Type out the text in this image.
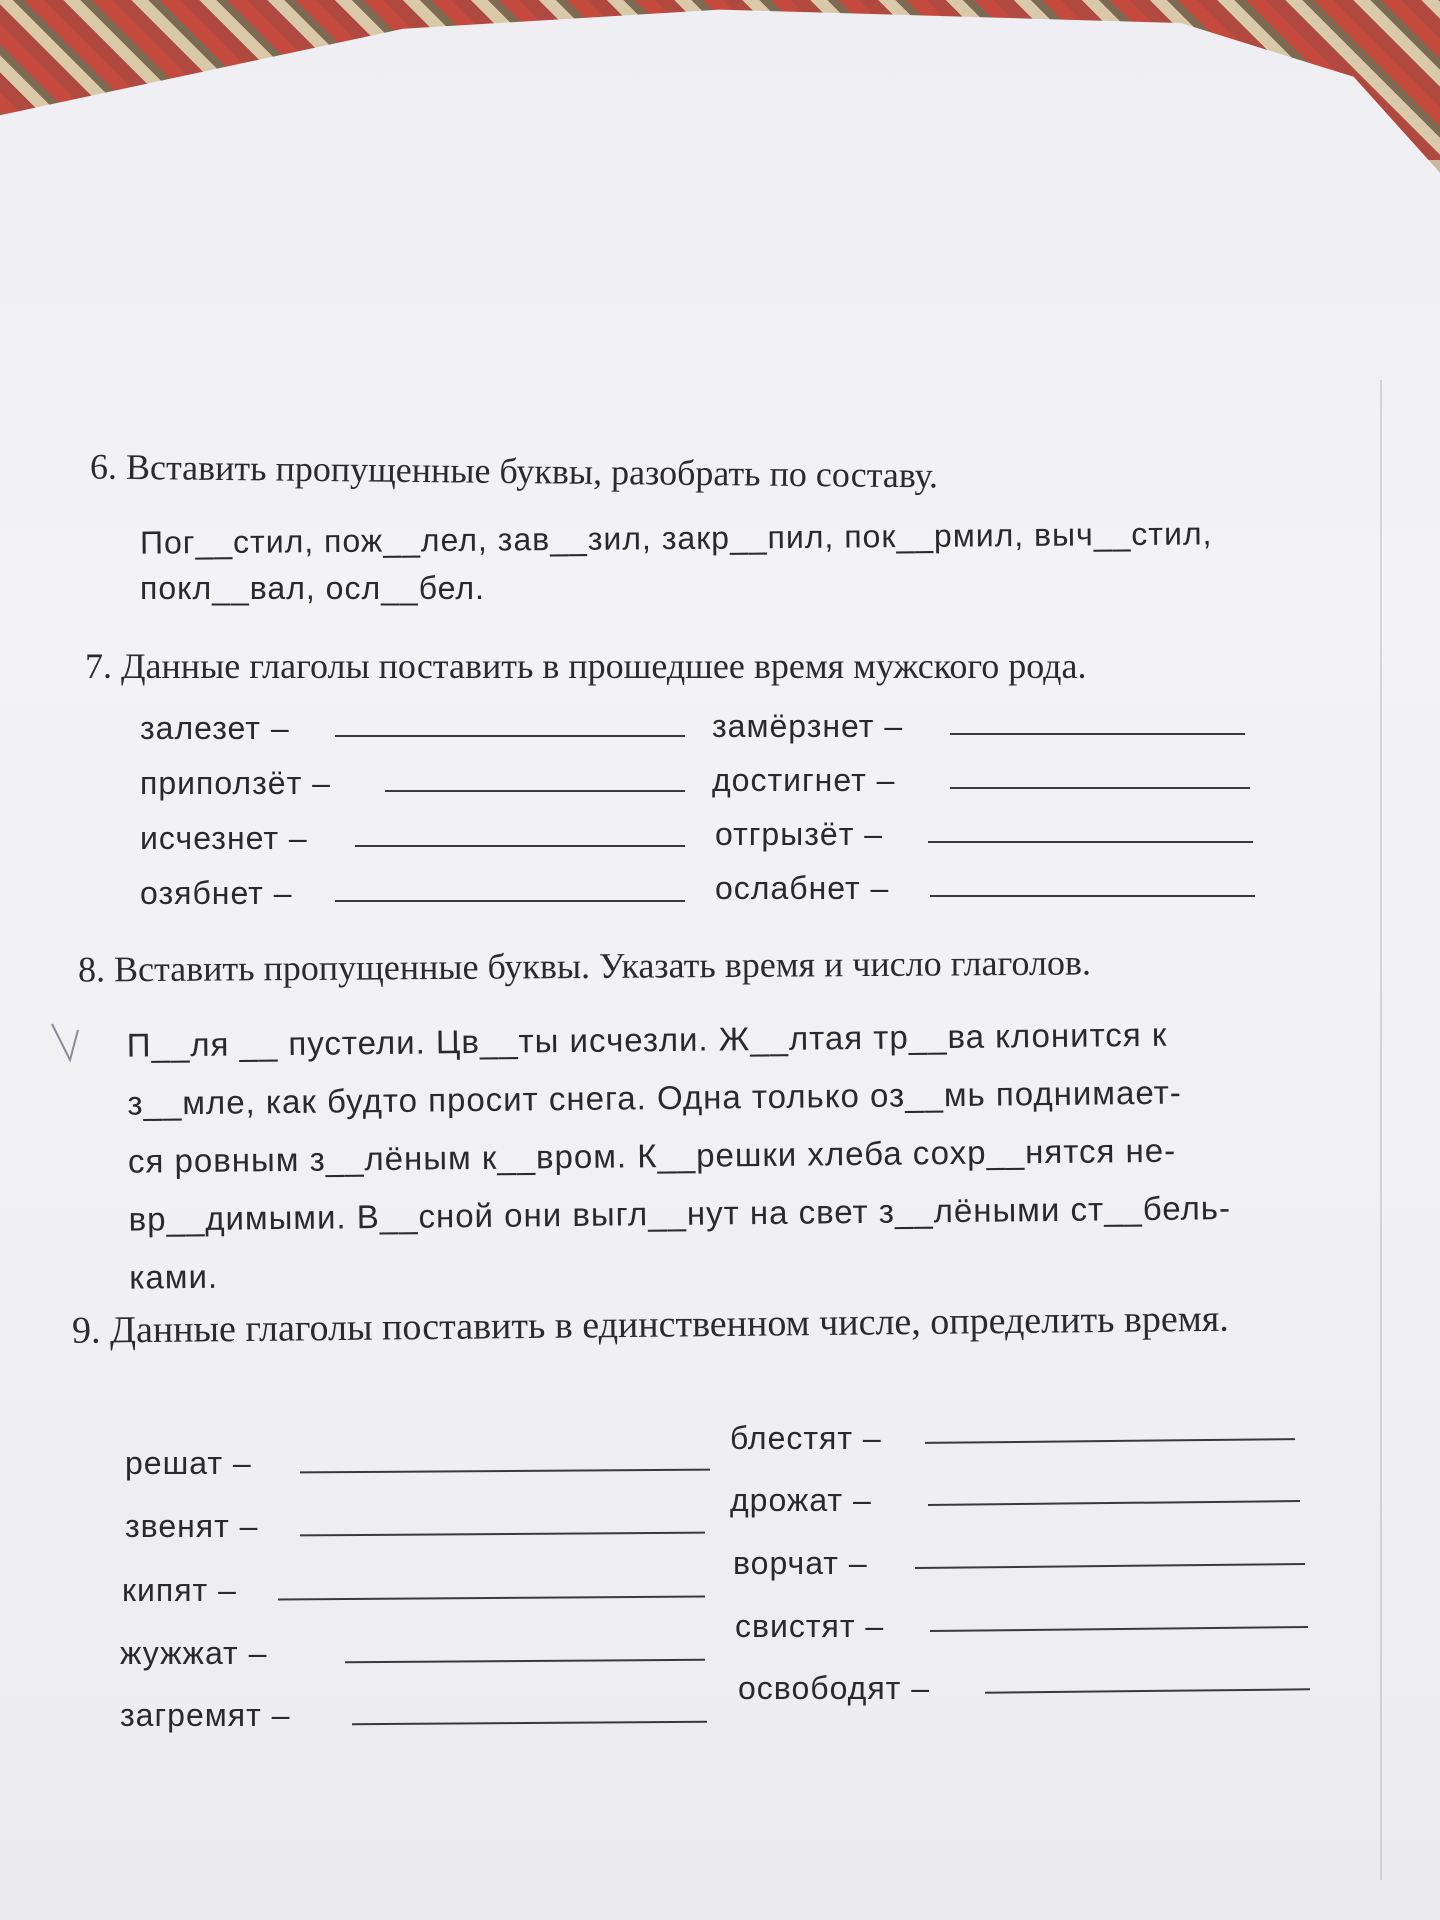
6. Вставить пропущенные буквы, разобрать по составу.

Пог__стил, пож__лел, зав__зил, закр__пил, пок__рмил, выч__стил,

покл__вал, осл__бел.

7. Данные глаголы поставить в прошедшее время мужского рода.

залезет –
приползёт –
исчезнет –
озябнет –
замёрзнет –
достигнет –
отгрызёт –
ослабнет –

8. Вставить пропущенные буквы. Указать время и число глаголов.

П__ля __ пустели. Цв__ты исчезли. Ж__лтая тр__ва клонится к
з__мле, как будто просит снега. Одна только оз__мь поднимает-
ся ровным з__лёным к__вром. К__решки хлеба сохр__нятся не-
вр__димыми. В__сной они выгл__нут на свет з__лёными ст__бель-
ками.

9. Данные глаголы поставить в единственном числе, определить время.

решат –
звенят –
кипят –
жужжат –
загремят –
блестят –
дрожат –
ворчат –
свистят –
освободят –
